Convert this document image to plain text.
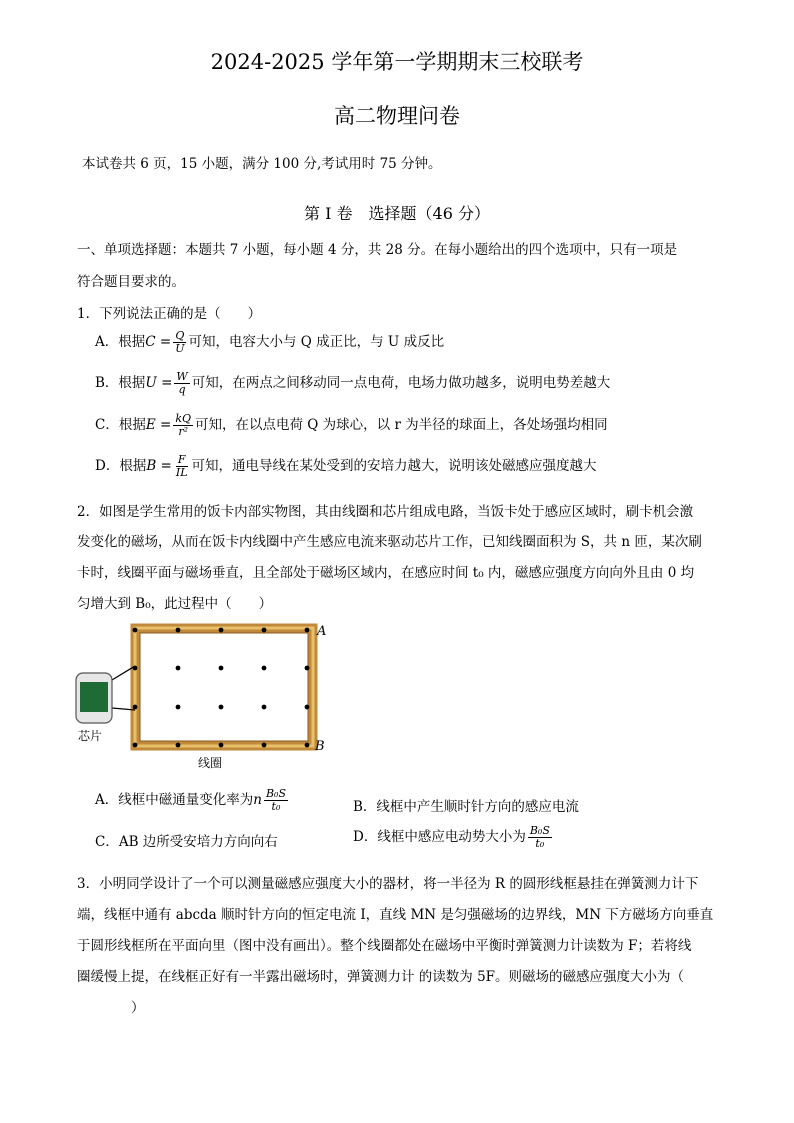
2024-2025 学年第一学期期末三校联考
高二物理问卷
本试卷共 6 页，15 小题，满分 100 分,考试用时 75 分钟。
第 I 卷　选择题（46 分）
一、单项选择题：本题共 7 小题，每小题 4 分，共 28 分。在每小题给出的四个选项中，只有一项是
符合题目要求的。
1．下列说法正确的是（　　）
A．根据$C = \frac{Q}{U}$ 可知，电容大小与 Q 成正比，与 U 成反比
B．根据$U = \frac{W}{q}$ 可知，在两点之间移动同一点电荷，电场力做功越多，说明电势差越大
C．根据$E = \frac{kQ}{\text{r²}}$ 可知，在以点电荷 Q 为球心，以 r 为半径的球面上，各处场强均相同
D．根据$B = \frac{F}{IL}$ 可知，通电导线在某处受到的安培力越大，说明该处磁感应强度越大
2．如图是学生常用的饭卡内部实物图，其由线圈和芯片组成电路，当饭卡处于感应区域时，刷卡机会激
发变化的磁场，从而在饭卡内线圈中产生感应电流来驱动芯片工作，已知线圈面积为 S，共 n 匝，某次刷
卡时，线圈平面与磁场垂直，且全部处于磁场区域内，在感应时间 t₀ 内，磁感应强度方向向外且由 0 均
匀增大到 B₀，此过程中（　　）
A
B
芯片
线圈
A．线框中磁通量变化率为n $\frac{\text{B₀S}}{\text{t₀}}$	B．线框中产生顺时针方向的感应电流
C．AB 边所受安培力方向向右	D．线框中感应电动势大小为 $\frac{\text{B₀S}}{\text{t₀}}$
3．小明同学设计了一个可以测量磁感应强度大小的器材，将一半径为 R 的圆形线框悬挂在弹簧测力计下
端，线框中通有 abcda 顺时针方向的恒定电流 I，直线 MN 是匀强磁场的边界线，MN 下方磁场方向垂直
于圆形线框所在平面向里（图中没有画出）。整个线圈都处在磁场中平衡时弹簧测力计读数为 F；若将线
圈缓慢上提，在线框正好有一半露出磁场时，弹簧测力计 的读数为 5F。则磁场的磁感应强度大小为（
　　）
